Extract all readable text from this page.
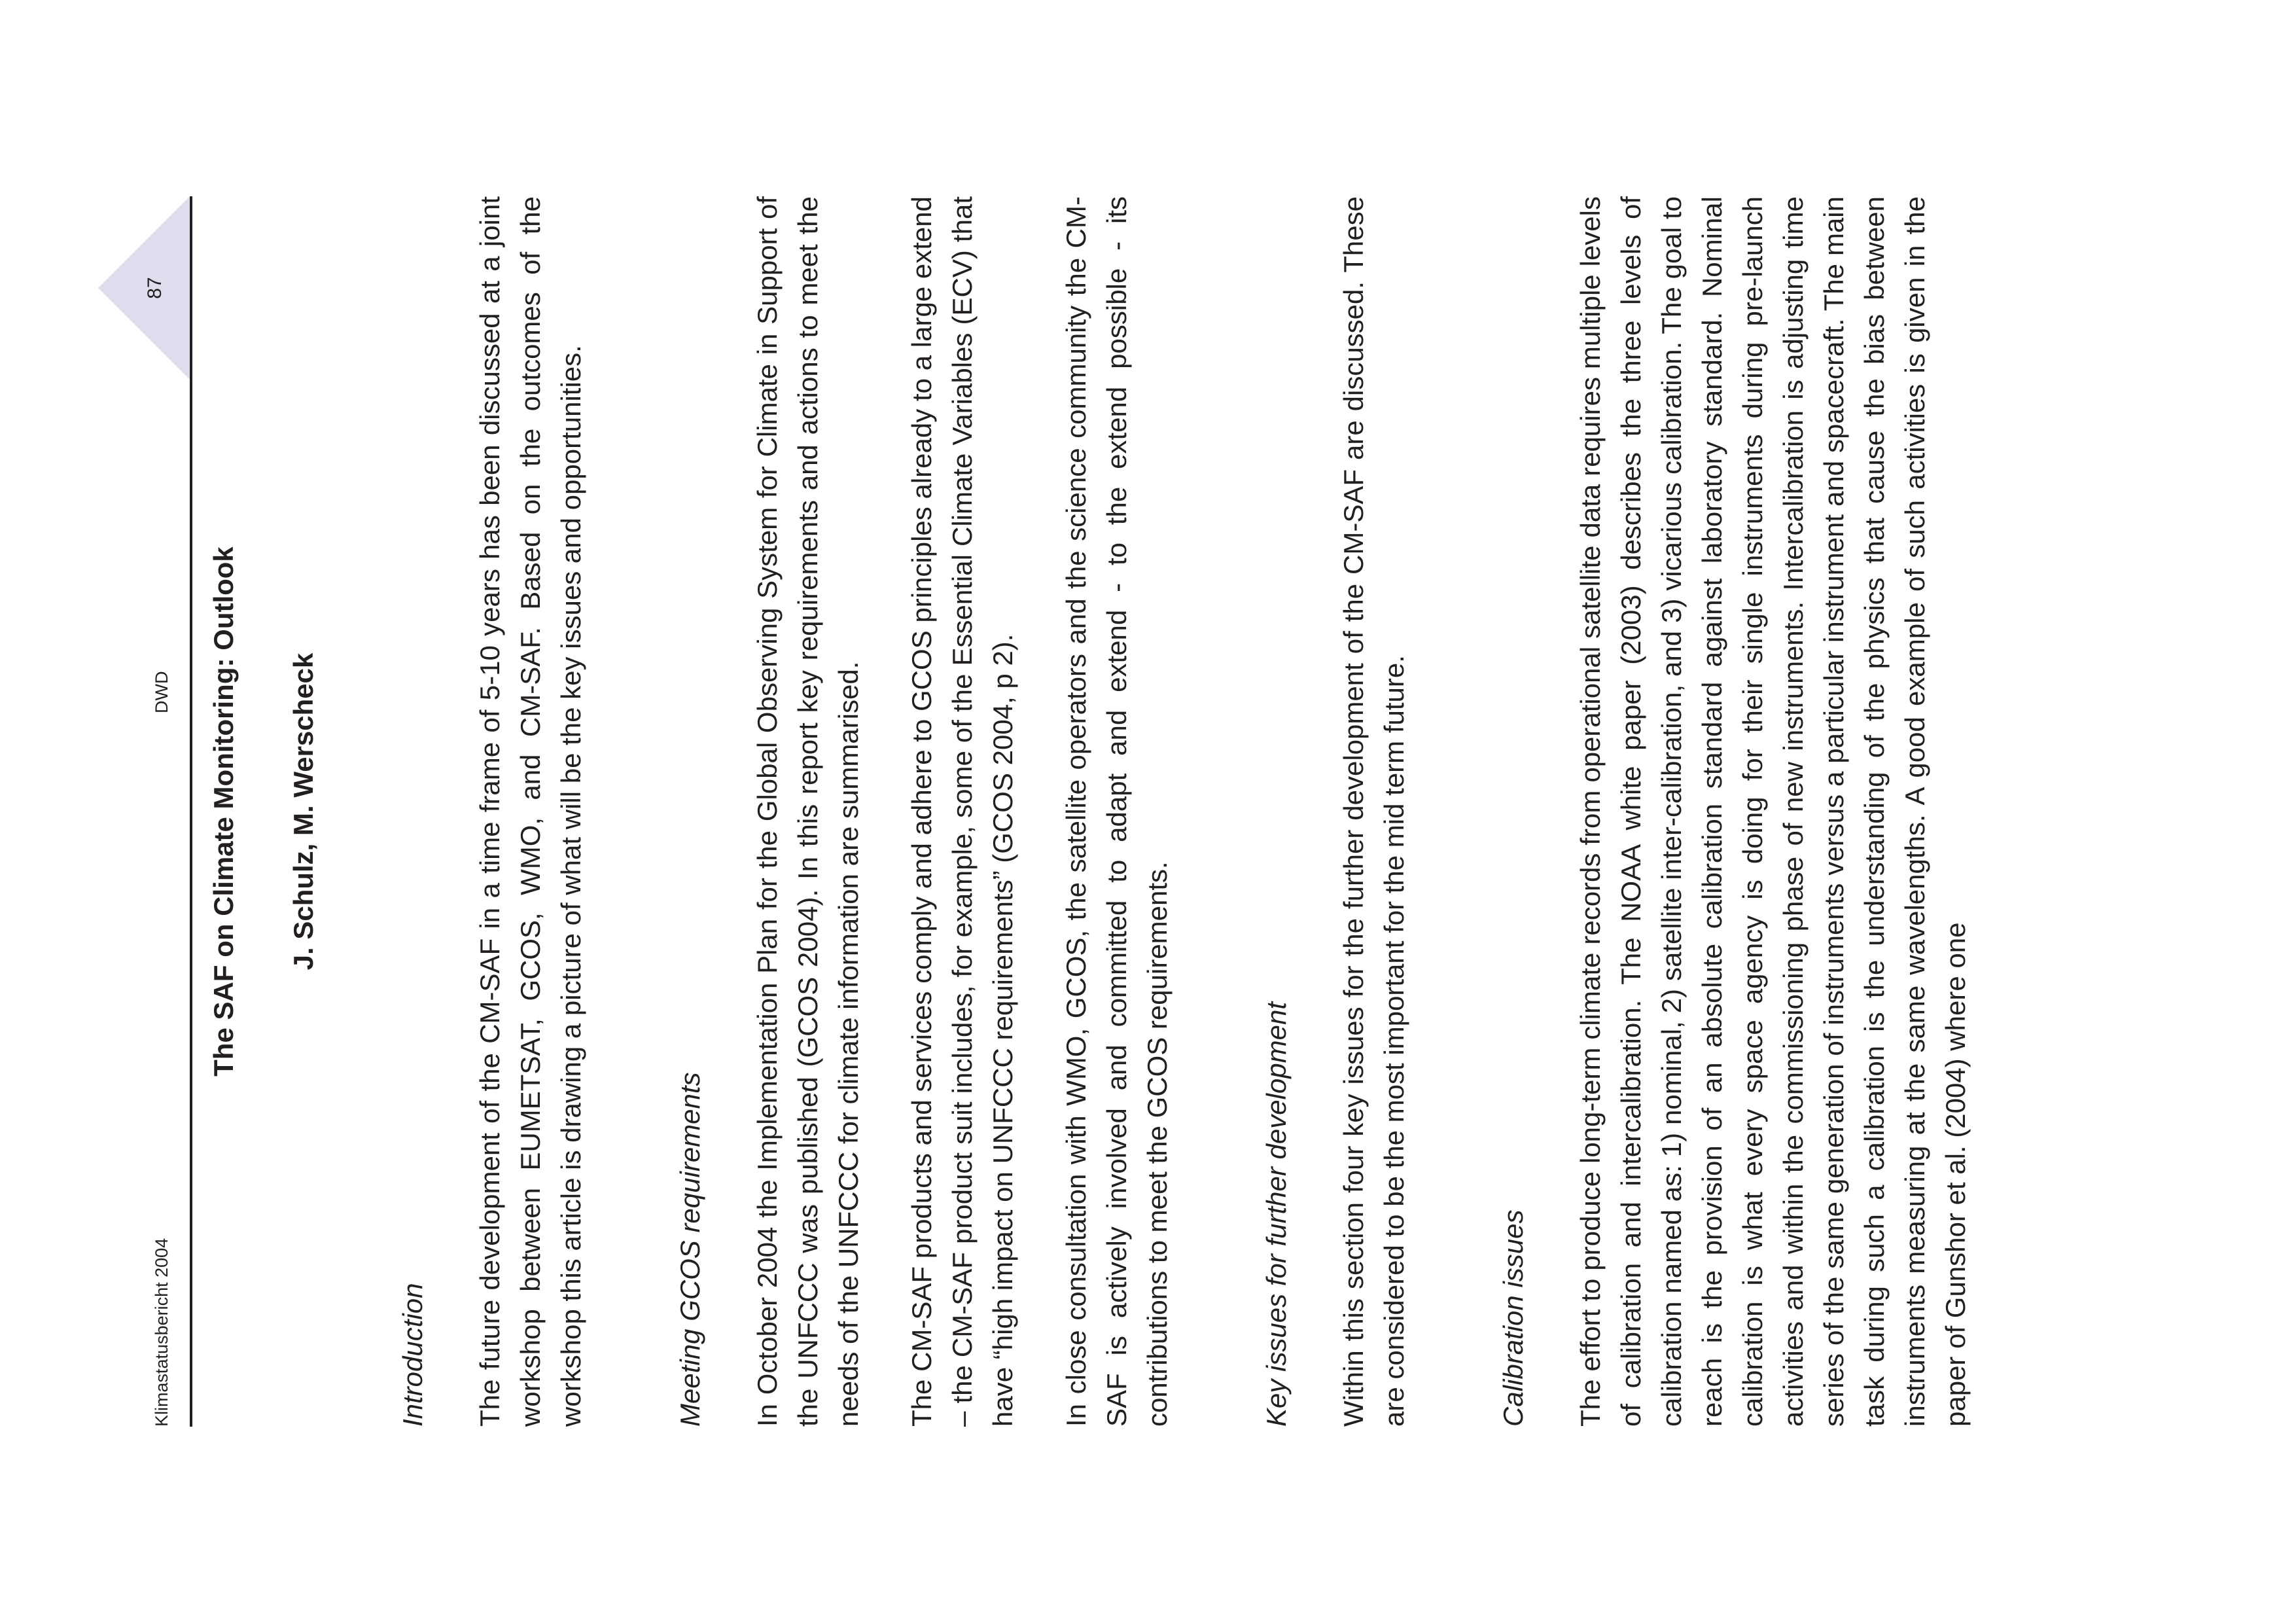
Klimastatusbericht 2004
DWD
87
The SAF on Climate Monitoring: Outlook J. Schulz, M. Werscheck
Introduction The future development of the CM-SAF in a time frame of 5-10 years has been discussed at a joint workshop between EUMETSAT, GCOS, WMO, and CM-SAF. Based on the outcomes of the workshop this article is drawing a picture of what will be the key issues and opportunities.	Meeting GCOS requirements In October 2004 the Implementation Plan for the Global Observing System for Climate in Support of the UNFCCC was published (GCOS 2004). In this report key requirements and actions to meet the needs of the UNFCCC for climate information are summarised. The CM-SAF products and services comply and adhere to GCOS principles already to a large extend – the CM-SAF product suit includes, for example, some of the Essential Climate Variables (ECV) that have “high impact on UNFCCC requirements” (GCOS 2004, p 2). In close consultation with WMO, GCOS, the satellite operators and the science community the CM-SAF is actively involved and committed to adapt and extend - to the extend possible - its contributions to meet the GCOS requirements.	Key issues for further development Within this section four key issues for the further development of the CM-SAF are discussed. These are considered to be the most important for the mid term future.	Calibration issues The effort to produce long-term climate records from operational satellite data requires multiple levels of calibration and intercalibration. The NOAA white paper (2003) describes the three levels of calibration named as: 1) nominal, 2) satellite inter-calibration, and 3) vicarious calibration. The goal to reach is the provision of an absolute calibration standard against laboratory standard. Nominal calibration is what every space agency is doing for their single instruments during pre-launch activities and within the commissioning phase of new instruments. Intercalibration is adjusting time series of the same generation of instruments versus a particular instrument and spacecraft. The main task during such a calibration is the understanding of the physics that cause the bias between instruments measuring at the same wavelengths. A good example of such activities is given in the paper of Gunshor et al. (2004) where one
